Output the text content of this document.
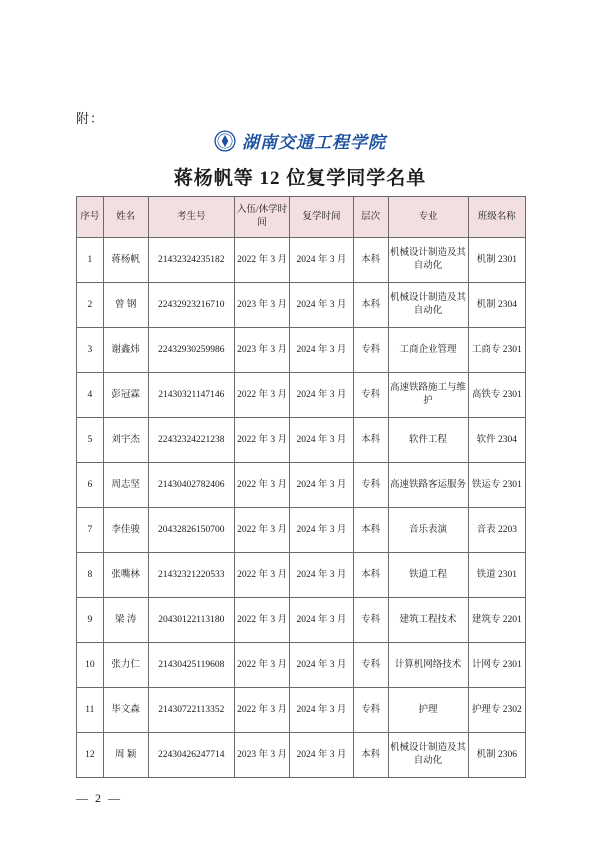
附：
湖南交通工程学院
蒋杨帆等 12 位复学同学名单
序号	姓名	考生号	入伍/休学时间	复学时间	层次	专业	班级名称
1	蒋杨帆	21432324235182	2022 年 3 月	2024 年 3 月	本科	机械设计制造及其自动化	机制 2301
2	曾 钢	22432923216710	2023 年 3 月	2024 年 3 月	本科	机械设计制造及其自动化	机制 2304
3	谢鑫炜	22432930259986	2023 年 3 月	2024 年 3 月	专科	工商企业管理	工商专 2301
4	彭冠霖	21430321147146	2022 年 3 月	2024 年 3 月	专科	高速铁路施工与维护	高铁专 2301
5	刘宇杰	22432324221238	2022 年 3 月	2024 年 3 月	本科	软件工程	软件 2304
6	周志坚	21430402782406	2022 年 3 月	2024 年 3 月	专科	高速铁路客运服务	铁运专 2301
7	李佳骏	20432826150700	2022 年 3 月	2024 年 3 月	本科	音乐表演	音表 2203
8	张嘴林	21432321220533	2022 年 3 月	2024 年 3 月	本科	铁道工程	铁道 2301
9	梁 涛	20430122113180	2022 年 3 月	2024 年 3 月	专科	建筑工程技术	建筑专 2201
10	张力仁	21430425119608	2022 年 3 月	2024 年 3 月	专科	计算机网络技术	计网专 2301
11	毕文森	21430722113352	2022 年 3 月	2024 年 3 月	专科	护理	护理专 2302
12	周 颖	22430426247714	2023 年 3 月	2024 年 3 月	本科	机械设计制造及其自动化	机制 2306
— 2 —
